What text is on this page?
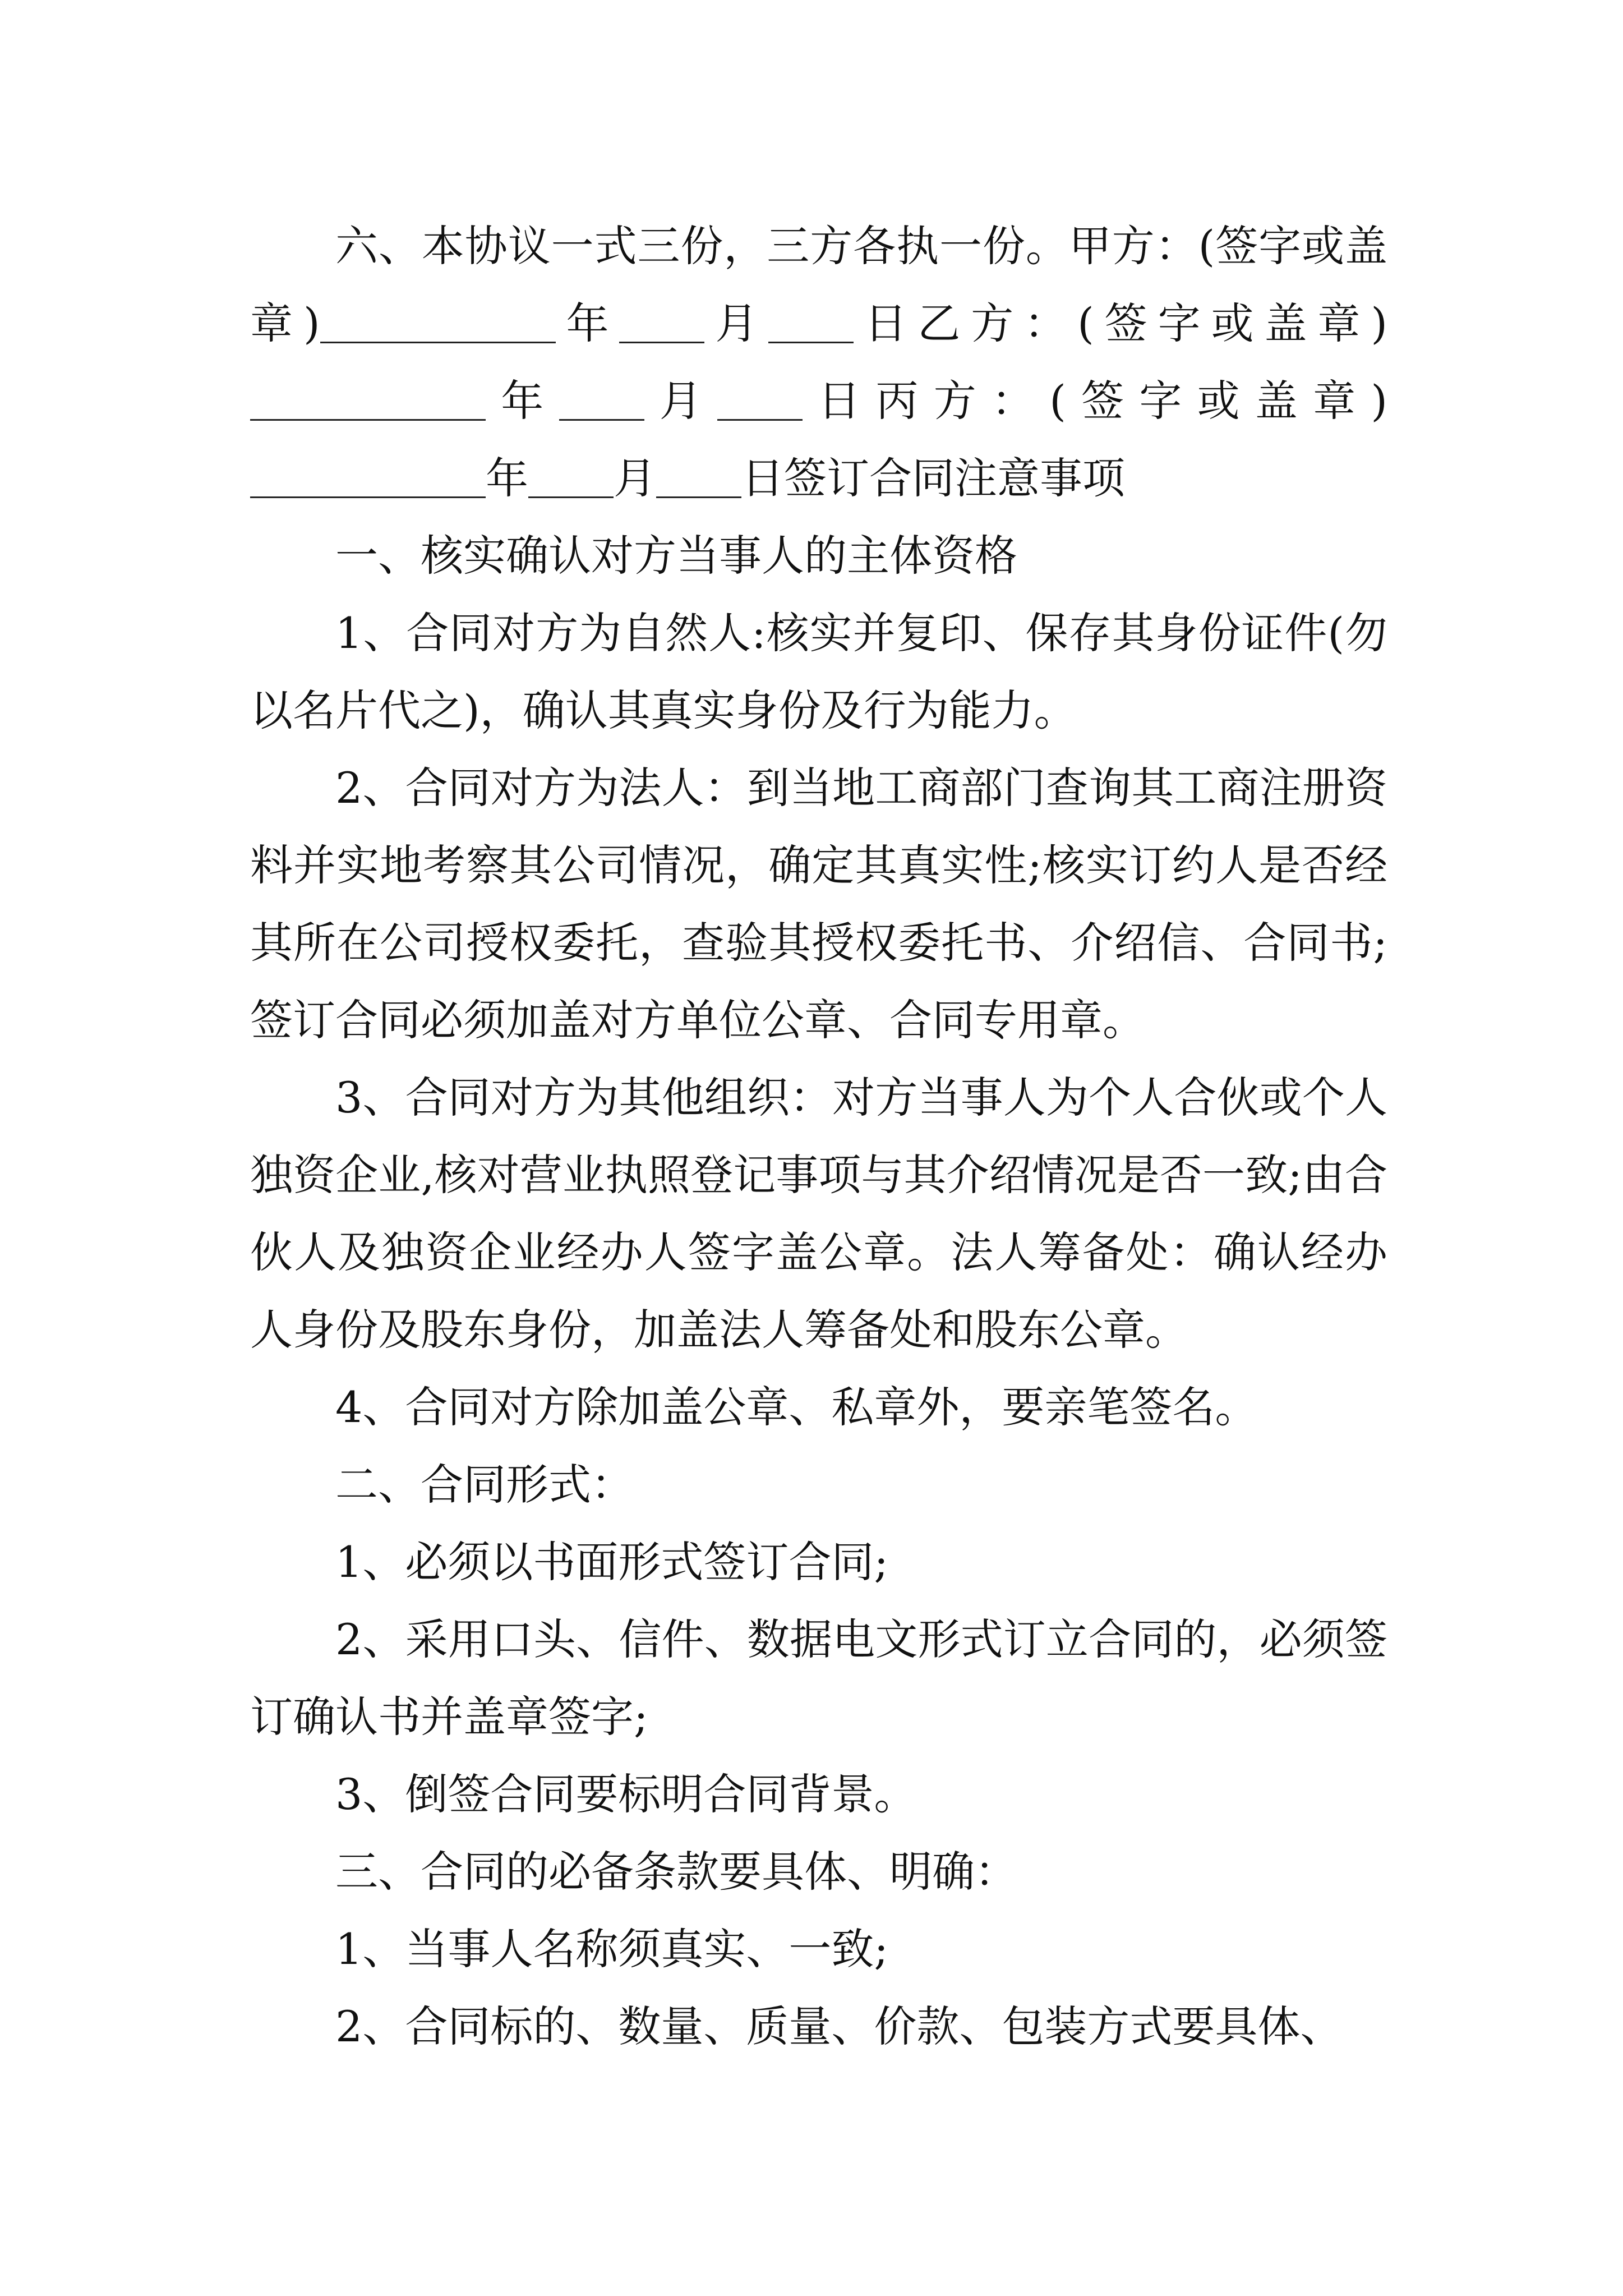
六、本协议一式三份，三方各执一份。甲方：(签字或盖章)	年 月 日乙方：(签字或盖章)年 月 日丙方：(签字或盖章)年 月 日签订合同注意事项

一、核实确认对方当事人的主体资格

1、合同对方为自然人:核实并复印、保存其身份证件(勿以名片代之)，确认其真实身份及行为能力。

2、合同对方为法人：到当地工商部门查询其工商注册资料并实地考察其公司情况，确定其真实性;核实订约人是否经其所在公司授权委托，查验其授权委托书、介绍信、合同书;签订合同必须加盖对方单位公章、合同专用章。

3、合同对方为其他组织：对方当事人为个人合伙或个人独资企业,核对营业执照登记事项与其介绍情况是否一致;由合伙人及独资企业经办人签字盖公章。法人筹备处：确认经办人身份及股东身份，加盖法人筹备处和股东公章。

4、合同对方除加盖公章、私章外，要亲笔签名。

二、合同形式：

1、必须以书面形式签订合同;

2、采用口头、信件、数据电文形式订立合同的，必须签订确认书并盖章签字;

3、倒签合同要标明合同背景。

三、合同的必备条款要具体、明确：

1、当事人名称须真实、一致;

2、合同标的、数量、质量、价款、包装方式要具体、
